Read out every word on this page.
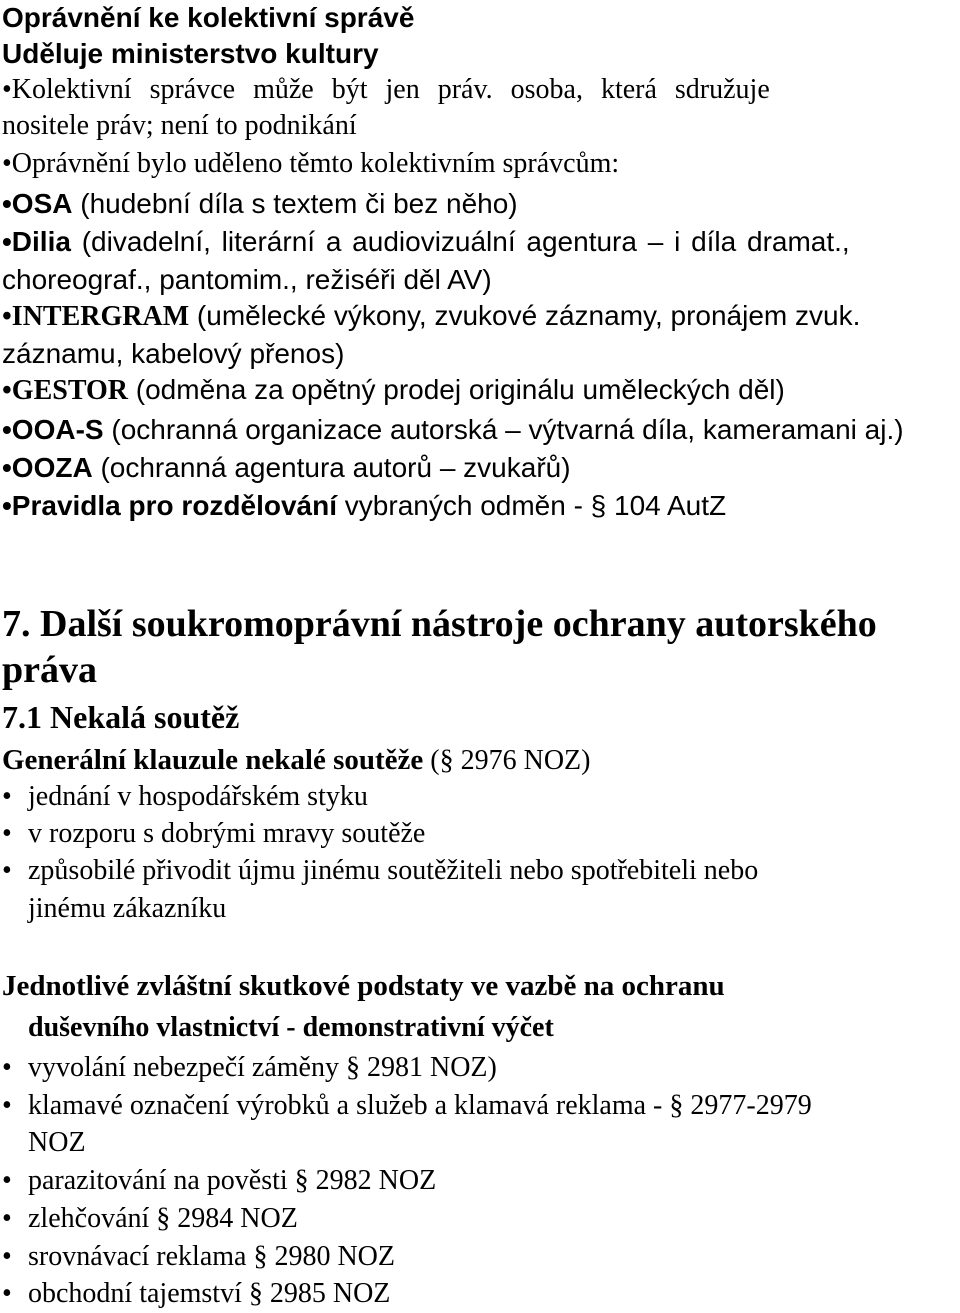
Oprávnění ke kolektivní správě
Uděluje ministerstvo kultury
•Kolektivní správce může být jen práv. osoba, která sdružuje
nositele práv; není to podnikání
•Oprávnění bylo uděleno těmto kolektivním správcům:
•OSA (hudební díla s textem či bez něho)
•Dilia (divadelní, literární a audiovizuální agentura – i díla dramat.,
choreograf., pantomim., režiséři děl AV)
•INTERGRAM (umělecké výkony, zvukové záznamy, pronájem zvuk.
záznamu, kabelový přenos)
•GESTOR (odměna za opětný prodej originálu uměleckých děl)
•OOA-S (ochranná organizace autorská – výtvarná díla, kameramani aj.)
•OOZA (ochranná agentura autorů – zvukařů)
•Pravidla pro rozdělování vybraných odměn - § 104 AutZ
7. Další soukromoprávní nástroje ochrany autorského
práva
7.1 Nekalá soutěž
Generální klauzule nekalé soutěže (§ 2976 NOZ)
• jednání v hospodářském styku
• v rozporu s dobrými mravy soutěže
• způsobilé přivodit újmu jinému soutěžiteli nebo spotřebiteli nebo
jinému zákazníku
Jednotlivé zvláštní skutkové podstaty ve vazbě na ochranu
duševního vlastnictví - demonstrativní výčet
• vyvolání nebezpečí záměny § 2981 NOZ)
• klamavé označení výrobků a služeb a klamavá reklama - § 2977-2979
NOZ
• parazitování na pověsti § 2982 NOZ
• zlehčování § 2984 NOZ
• srovnávací reklama § 2980 NOZ
• obchodní tajemství § 2985 NOZ
